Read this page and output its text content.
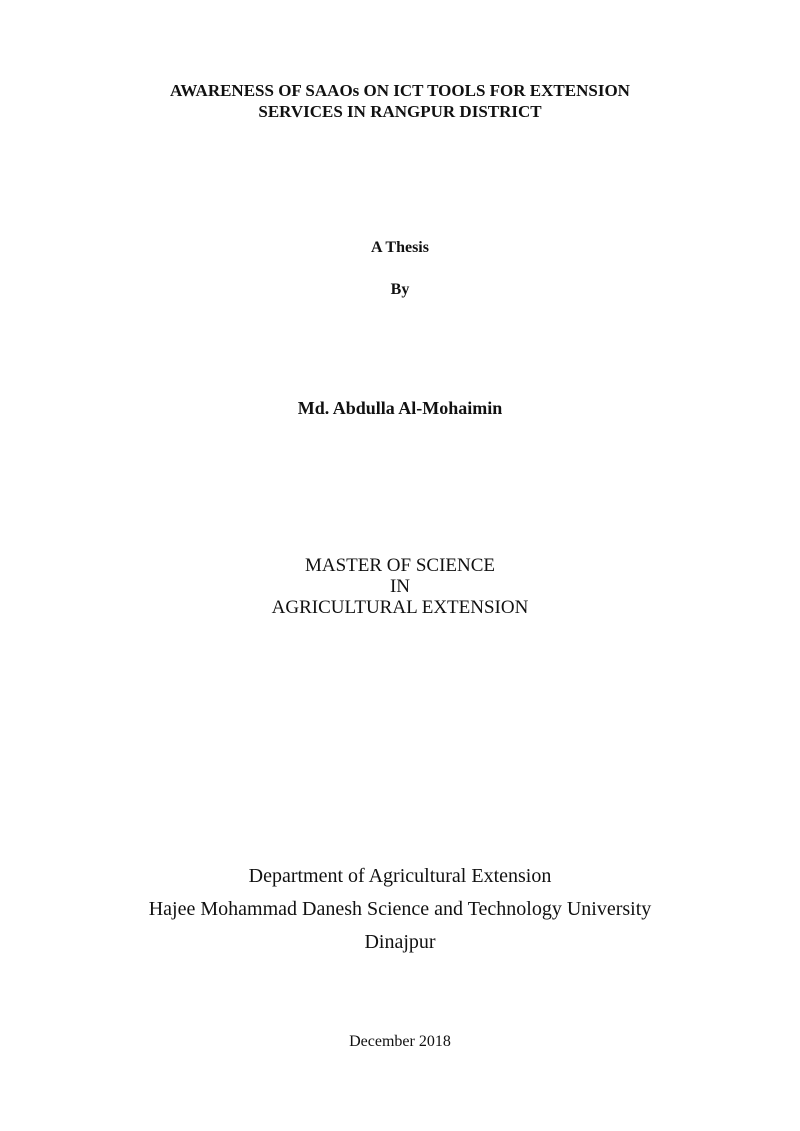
AWARENESS OF SAAOs ON ICT TOOLS FOR EXTENSION
SERVICES IN RANGPUR DISTRICT

A Thesis

By

Md. Abdulla Al-Mohaimin

MASTER OF SCIENCE
IN
AGRICULTURAL EXTENSION
Department of Agricultural Extension
Hajee Mohammad Danesh Science and Technology University
Dinajpur

December 2018
